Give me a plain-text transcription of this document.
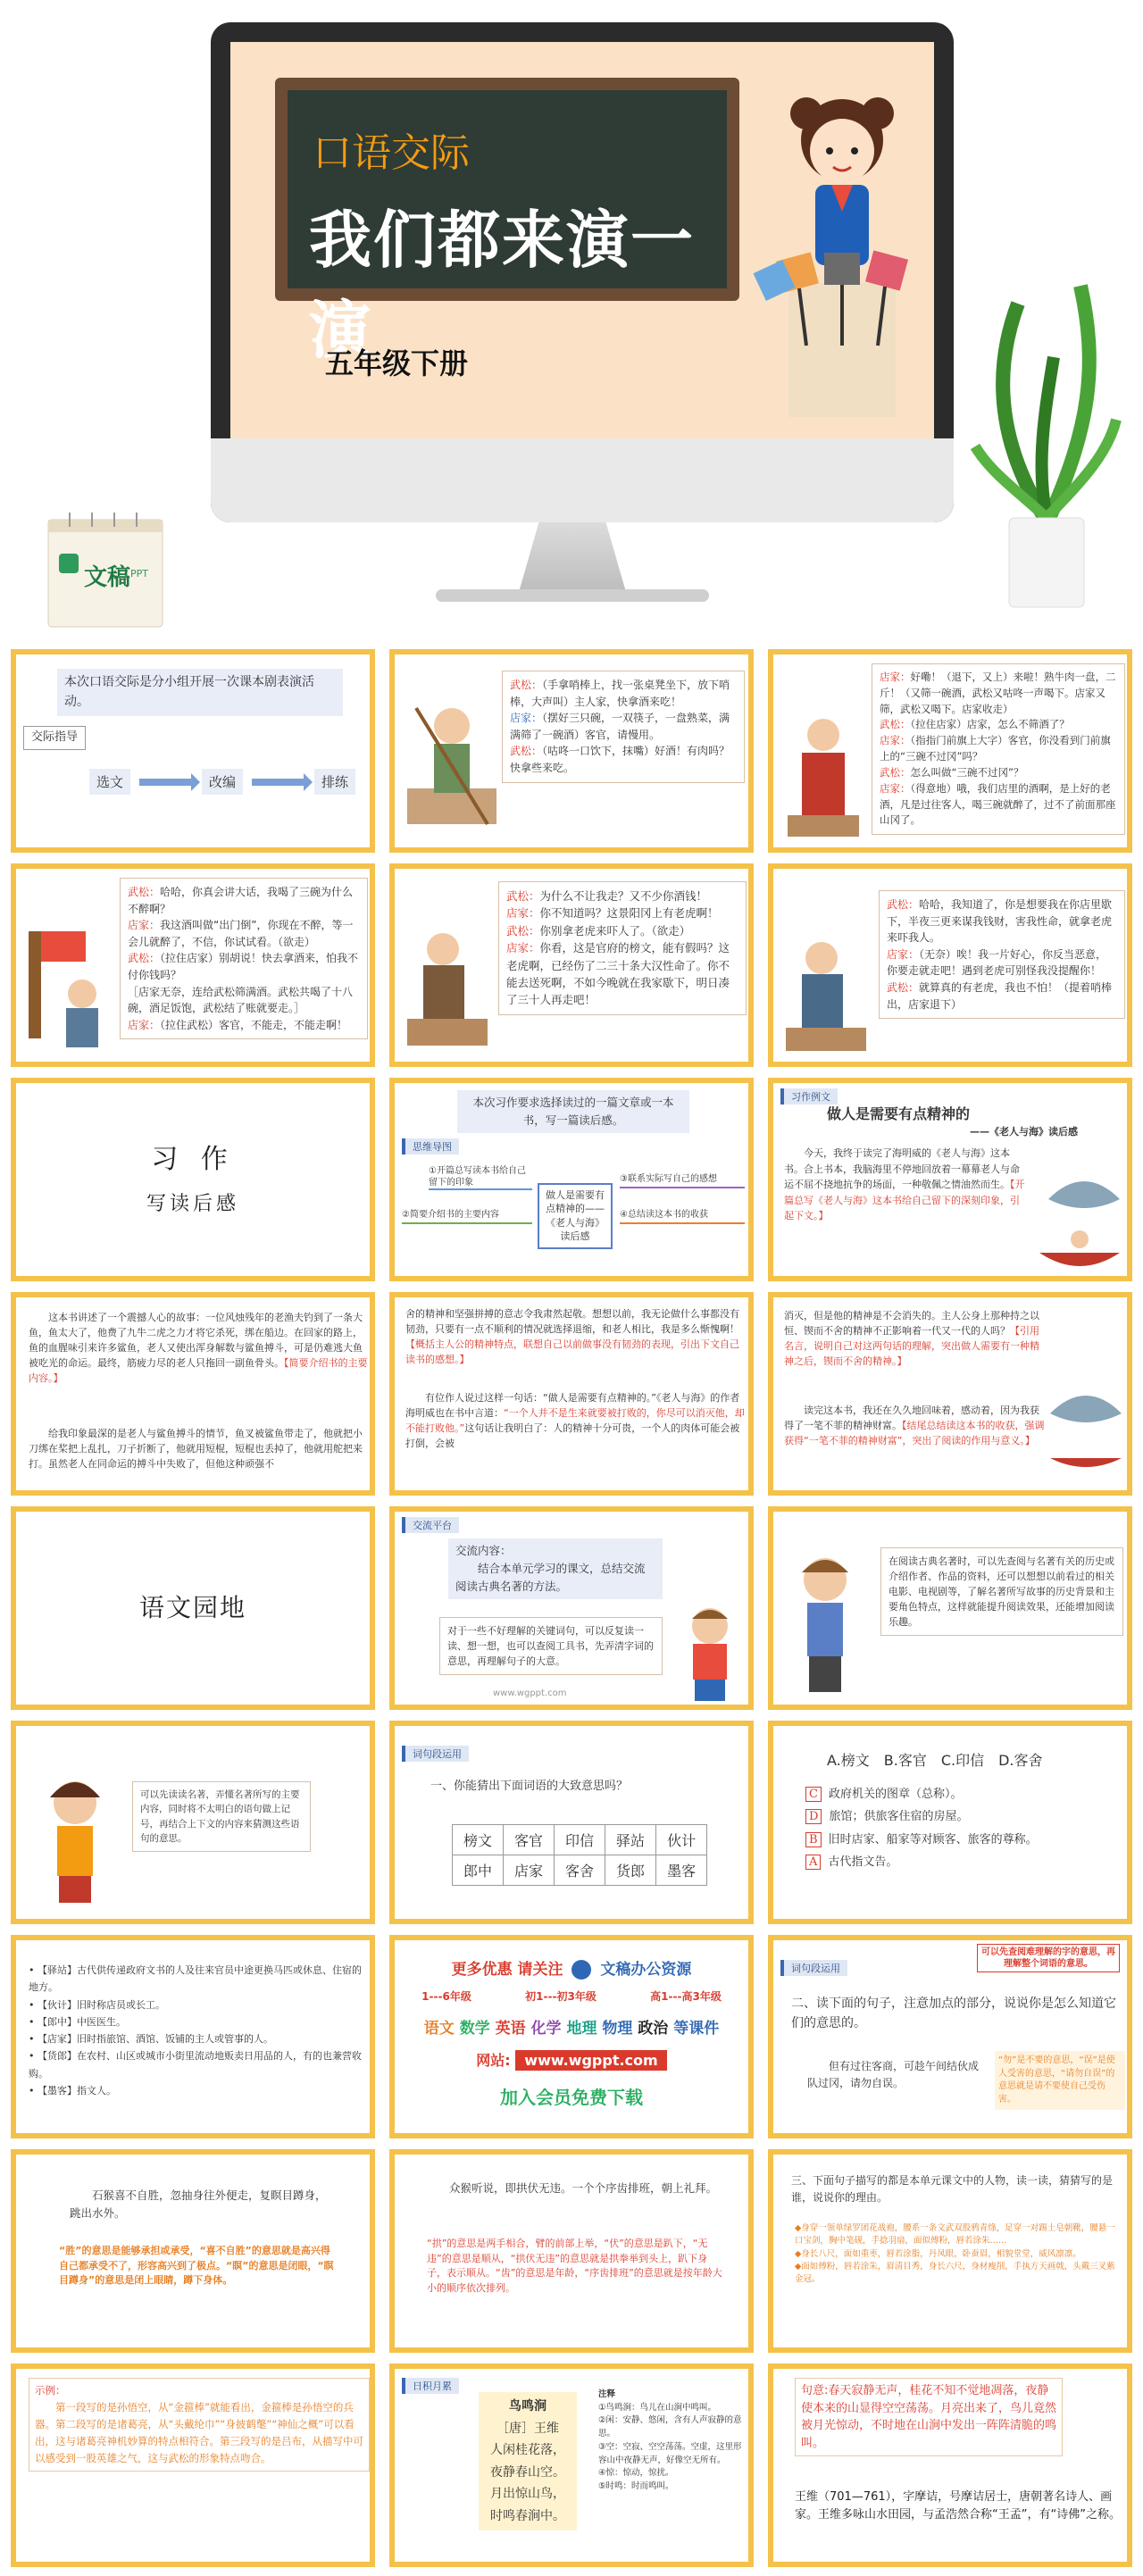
文稿 PPT
口语交际
我们都来演一演
五年级下册
本次口语交际是分小组开展一次课本剧表演活动。
交际指导
选文	改编	排练
武松：（手拿哨棒上，找一张桌凳坐下，放下哨棒，大声叫）主人家，快拿酒来吃！
店家：（摆好三只碗，一双筷子，一盘熟菜，满满筛了一碗酒）客官，请慢用。
武松：（咕咚一口饮下，抹嘴）好酒！有肉吗？快拿些来吃。
店家：好嘞！（退下，又上）来啦！熟牛肉一盘，二斤！（又筛一碗酒，武松又咕咚一声喝下。店家又筛，武松又喝下。店家收走）
武松：（拉住店家）店家，怎么不筛酒了？
店家：（指指门前旗上大字）客官，你没看到门前旗上的“三碗不过冈”吗？
武松：怎么叫做“三碗不过冈”？
店家：（得意地）哦，我们店里的酒啊，是上好的老酒，凡是过往客人，喝三碗就醉了，过不了前面那座山冈了。
武松：哈哈，你真会讲大话，我喝了三碗为什么不醉啊？
店家：我这酒叫做“出门倒”，你现在不醉，等一会儿就醉了，不信，你试试看。（欲走）
武松：（拉住店家）别胡说！快去拿酒来，怕我不付你钱吗？
［店家无奈，连给武松筛满酒。武松共喝了十八碗，酒足饭饱，武松结了账就要走。］
店家：（拉住武松）客官，不能走，不能走啊！
武松：为什么不让我走？又不少你酒钱！
店家：你不知道吗？这景阳冈上有老虎啊！
武松：你别拿老虎来吓人了。（欲走）
店家：你看，这是官府的榜文，能有假吗？这老虎啊，已经伤了二三十条大汉性命了。你不能去送死啊，不如今晚就在我家歇下，明日凑了三十人再走吧！
武松：哈哈，我知道了，你是想要我在你店里歇下，半夜三更来谋我钱财，害我性命，就拿老虎来吓我人。
店家：（无奈）唉！我一片好心，你反当恶意，你要走就走吧！遇到老虎可别怪我没提醒你！
武松：就算真的有老虎，我也不怕！（提着哨棒出，店家退下）
习 作
写读后感
本次习作要求选择读过的一篇文章或一本书，写一篇读后感。
思维导图
做人是需要有点精神的——《老人与海》读后感
①开篇总写读本书给自己留下的印象
②简要介绍书的主要内容
③联系实际写自己的感想
④总结读这本书的收获
习作例文
做人是需要有点精神的
——《老人与海》读后感
今天，我终于读完了海明威的《老人与海》这本书。合上书本，我脑海里不停地回放着一幕幕老人与命运不屈不挠地抗争的场面，一种敬佩之情油然而生。【开篇总写《老人与海》这本书给自己留下的深刻印象，引起下文。】
这本书讲述了一个震撼人心的故事：一位风烛残年的老渔夫钓到了一条大鱼，鱼太大了，他费了九牛二虎之力才将它杀死，绑在船边。在回家的路上，鱼的血腥味引来许多鲨鱼，老人又使出浑身解数与鲨鱼搏斗，可是仍难逃大鱼被吃光的命运。最终，筋疲力尽的老人只拖回一副鱼骨头。【简要介绍书的主要内容。】
给我印象最深的是老人与鲨鱼搏斗的情节，鱼叉被鲨鱼带走了，他就把小刀绑在桨把上乱扎，刀子折断了，他就用短棍，短棍也丢掉了，他就用舵把来打。虽然老人在同命运的搏斗中失败了，但他这种顽强不
舍的精神和坚强拼搏的意志令我肃然起敬。想想以前，我无论做什么事都没有韧劲，只要有一点不顺利的情况就选择退缩，和老人相比，我是多么惭愧啊！【概括主人公的精神特点，联想自己以前做事没有韧劲的表现，引出下文自己读书的感想。】
有位作人说过这样一句话：“做人是需要有点精神的。”《老人与海》的作者海明威也在书中言道：“一个人并不是生来就要被打败的，你尽可以消灭他，却不能打败他。”这句话让我明白了：人的精神十分可贵，一个人的肉体可能会被打倒，会被
消灭，但是他的精神是不会消失的。主人公身上那种持之以恒、锲而不舍的精神不正影响着一代又一代的人吗？【引用名言，说明自己对这两句话的理解，突出做人需要有一种精神之后，锲而不舍的精神。】
读完这本书，我还在久久地回味着，感动着，因为我获得了一笔不菲的精神财富。【结尾总结读这本书的收获，强调获得“一笔不菲的精神财富”，突出了阅读的作用与意义。】
语文园地
交流平台
交流内容：
结合本单元学习的课文，总结交流阅读古典名著的方法。
对于一些不好理解的关键词句，可以反复读一读、想一想，也可以查阅工具书，先弄清字词的意思，再理解句子的大意。
www.wgppt.com
在阅读古典名著时，可以先查阅与名著有关的历史或介绍作者、作品的资料，还可以想想以前看过的相关电影、电视剧等，了解名著所写故事的历史背景和主要角色特点，这样就能提升阅读效果，还能增加阅读乐趣。
可以先读读名著，弄懂名著所写的主要内容，同时将不太明白的语句做上记号，再结合上下文的内容来猜测这些语句的意思。
词句段运用
一、你能猜出下面词语的大致意思吗？
榜文	客官	印信	驿站	伙计
郎中	店家	客舍	货郎	墨客
A.榜文　B.客官　C.印信　D.客舍
C 政府机关的图章（总称）。
D 旅馆；供旅客住宿的房屋。
B 旧时店家、船家等对顾客、旅客的尊称。
A 古代指文告。
• 【驿站】古代供传递政府文书的人及往来官员中途更换马匹或休息、住宿的地方。
• 【伙计】旧时称店员或长工。
• 【郎中】中医医生。
• 【店家】旧时指旅馆、酒馆、饭铺的主人或管事的人。
• 【货郎】在农村、山区或城市小街里流动地贩卖日用品的人，有的也兼营收购。
• 【墨客】指文人。
更多优惠 请关注 文稿办公资源
1---6年级	初1---初3年级	高1---高3年级
语文 数学 英语 化学 地理 物理 政治 等课件
网站: www.wgppt.com
加入会员免费下载
词句段运用
可以先查阅难理解的字的意思，再理解整个词语的意思。
二、读下面的句子，注意加点的部分，说说你是怎么知道它们的意思的。
但有过往客商，可趁午间结伙成队过冈，请勿自误。
“勿”是不要的意思，“误”是使人受害的意思，“请勿自误”的意思就是请不要使自己受伤害。
石猴喜不自胜，忽抽身往外便走，复瞑目蹲身，跳出水外。
“胜”的意思是能够承担或承受，“喜不自胜”的意思就是高兴得自己都承受不了，形容高兴到了极点。“瞑”的意思是闭眼，“瞑目蹲身”的意思是闭上眼睛，蹲下身体。
众猴听说，即拱伏无违。一个个序齿排班，朝上礼拜。
“拱”的意思是两手相合，臂的前部上举，“伏”的意思是趴下，“无违”的意思是顺从，“拱伏无违”的意思就是拱拳举到头上，趴下身子，表示顺从。“齿”的意思是年龄，“序齿排班”的意思就是按年龄大小的顺序依次排列。
三、下面句子描写的都是本单元课文中的人物，读一读，猜猜写的是谁，说说你的理由。
◆身穿一领单绿罗团花战袍，腰系一条文武双股鸦青绦，足穿一对踢土皂朝靴，腰悬一口宝剑，胸中笔砚，手捻羽扇，面似傅粉，唇若涂朱……
◆身长八尺，面如重枣，唇若涂脂，丹凤眼，卧蚕眉，相貌堂堂，威风凛凛。
◆面如傅粉，唇若涂朱，眉清目秀，身长六尺，身材瘦削，手执方天画戟，头戴三叉紫金冠。
示例：
第一段写的是孙悟空，从“金箍棒”就能看出，金箍棒是孙悟空的兵器。第二段写的是诸葛亮，从“头戴纶巾”“身披鹤氅”“神仙之概”可以看出，这与诸葛亮神机妙算的特点相符合。第三段写的是吕布，从描写中可以感受到一股英雄之气，这与武松的形象特点吻合。
日积月累
鸟鸣涧
［唐］王维
人闲桂花落，
夜静春山空。
月出惊山鸟，
时鸣春涧中。
注释
①鸟鸣涧：鸟儿在山涧中鸣叫。
②闲：安静、悠闲，含有人声寂静的意思。
③空：空寂、空空荡荡。空虚，这里形容山中夜静无声，好像空无所有。
④惊：惊动，惊扰。
⑤时鸣：时而鸣叫。
句意:春天寂静无声，桂花不知不觉地凋落，夜静使本来的山显得空空荡荡。月亮出来了，鸟儿竟然被月光惊动，不时地在山涧中发出一阵阵清脆的鸣叫。
王维（701—761），字摩诘，号摩诘居士，唐朝著名诗人、画家。王维多咏山水田园，与孟浩然合称“王孟”，有“诗佛”之称。
